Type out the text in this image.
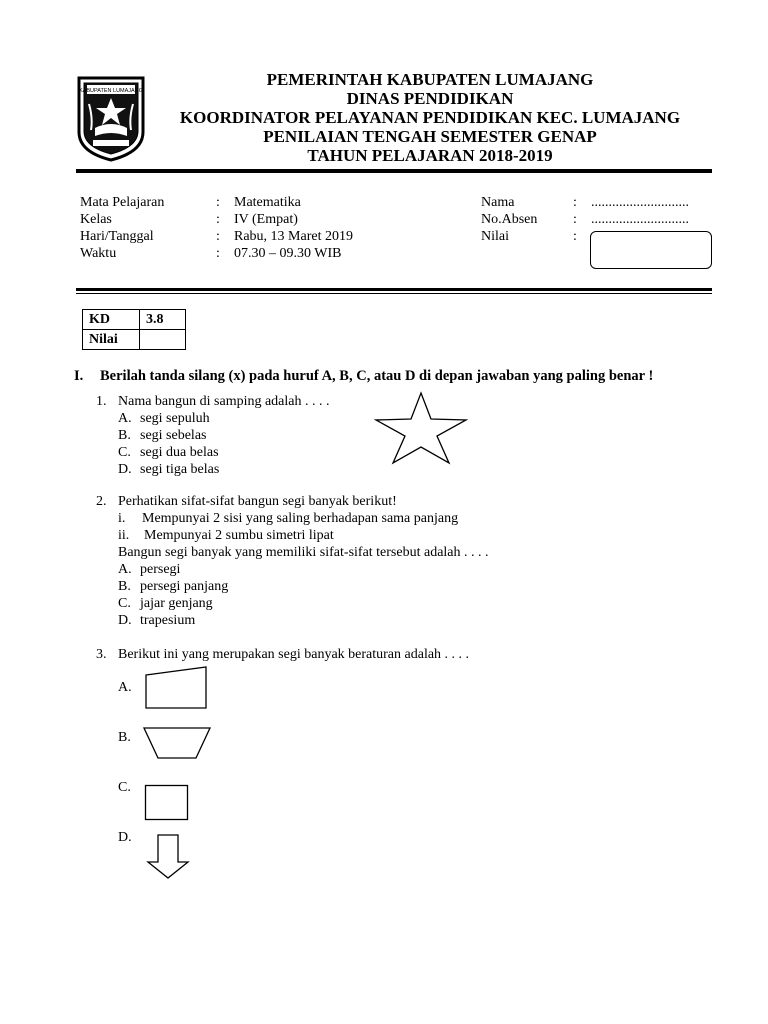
KABUPATEN LUMAJANG
PEMERINTAH KABUPATEN LUMAJANG
DINAS PENDIDIKAN
KOORDINATOR PELAYANAN PENDIDIKAN KEC. LUMAJANG
PENILAIAN TENGAH SEMESTER GENAP
TAHUN PELAJARAN 2018-2019
Mata Pelajaran	:	Matematika
Kelas	:	IV (Empat)
Hari/Tanggal	:	Rabu, 13 Maret 2019
Waktu	:	07.30 – 09.30 WIB
Nama	:	............................
No.Absen	:	............................
Nilai	:
KD	3.8
Nilai	
I.	Berilah tanda silang (x) pada huruf A, B, C, atau D di depan jawaban yang paling benar !
1. Nama bangun di samping adalah . . . .
A. segi sepuluh
B. segi sebelas
C. segi dua belas
D. segi tiga belas
2. Perhatikan sifat-sifat bangun segi banyak berikut!
i.	Mempunyai 2 sisi yang saling berhadapan sama panjang
ii.	Mempunyai 2 sumbu simetri lipat
Bangun segi banyak yang memiliki sifat-sifat tersebut adalah . . . .
A. persegi
B. persegi panjang
C. jajar genjang
D. trapesium
3. Berikut ini yang merupakan segi banyak beraturan adalah . . . .
A.
B.
C.
D.
